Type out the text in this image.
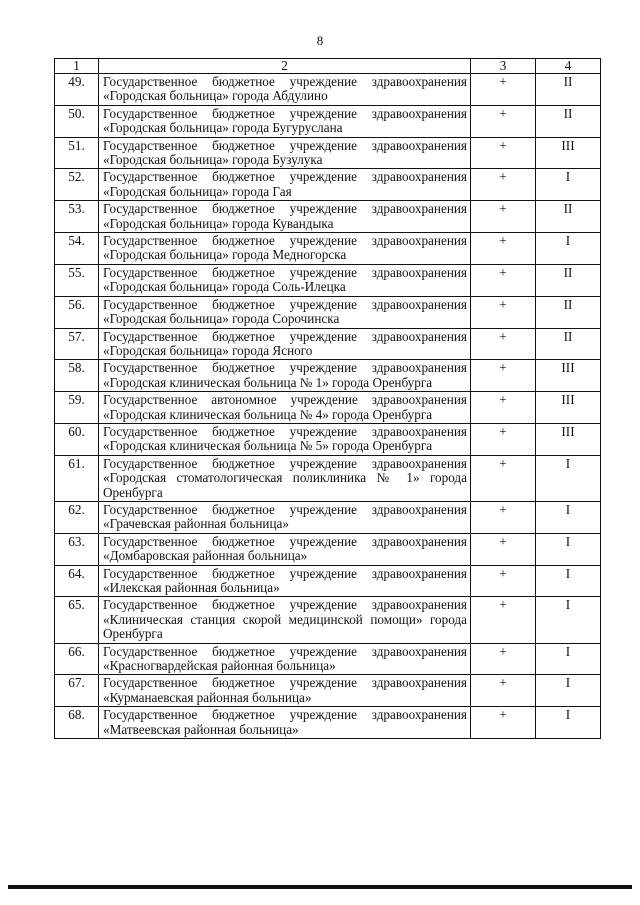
8
1	2	3	4
49.	Государственное бюджетное учреждение здравоохранения «Городская больница» города Абдулино	+	II
50.	Государственное бюджетное учреждение здравоохранения «Городская больница» города Бугуруслана	+	II
51.	Государственное бюджетное учреждение здравоохранения «Городская больница» города Бузулука	+	III
52.	Государственное бюджетное учреждение здравоохранения «Городская больница» города Гая	+	I
53.	Государственное бюджетное учреждение здравоохранения «Городская больница» города Кувандыка	+	II
54.	Государственное бюджетное учреждение здравоохранения «Городская больница» города Медногорска	+	I
55.	Государственное бюджетное учреждение здравоохранения «Городская больница» города Соль-Илецка	+	II
56.	Государственное бюджетное учреждение здравоохранения «Городская больница» города Сорочинска	+	II
57.	Государственное бюджетное учреждение здравоохранения «Городская больница» города Ясного	+	II
58.	Государственное бюджетное учреждение здравоохранения «Городская клиническая больница № 1» города Оренбурга	+	III
59.	Государственное автономное учреждение здравоохранения «Городская клиническая больница № 4» города Оренбурга	+	III
60.	Государственное бюджетное учреждение здравоохранения «Городская клиническая больница № 5» города Оренбурга	+	III
61.	Государственное бюджетное учреждение здравоохранения «Городская стоматологическая поликлиника № 1» города Оренбурга	+	I
62.	Государственное бюджетное учреждение здравоохранения «Грачевская районная больница»	+	I
63.	Государственное бюджетное учреждение здравоохранения «Домбаровская районная больница»	+	I
64.	Государственное бюджетное учреждение здравоохранения «Илекская районная больница»	+	I
65.	Государственное бюджетное учреждение здравоохранения «Клиническая станция скорой медицинской помощи» города Оренбурга	+	I
66.	Государственное бюджетное учреждение здравоохранения «Красногвардейская районная больница»	+	I
67.	Государственное бюджетное учреждение здравоохранения «Курманаевская районная больница»	+	I
68.	Государственное бюджетное учреждение здравоохранения «Матвеевская районная больница»	+	I
